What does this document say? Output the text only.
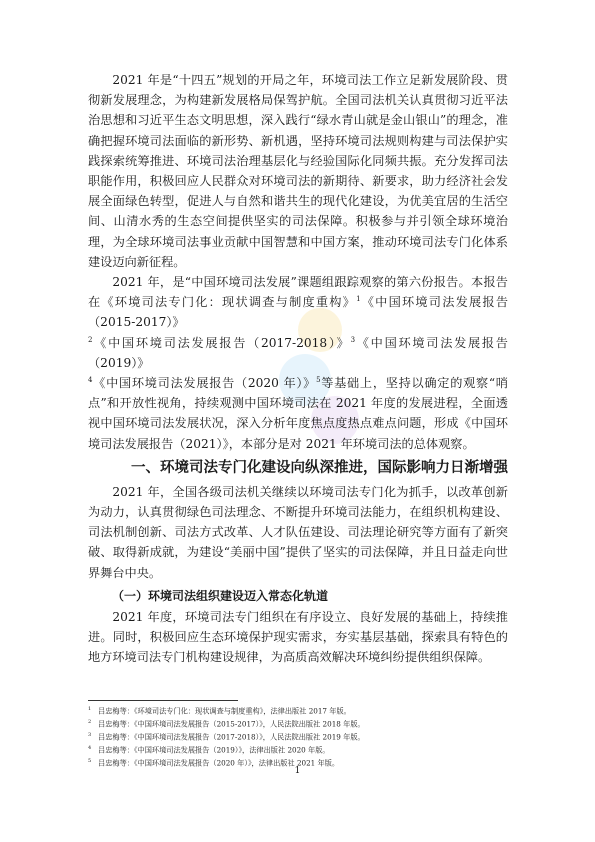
2021 年是“十四五”规划的开局之年，环境司法工作立足新发展阶段、贯彻新发展理念，为构建新发展格局保驾护航。全国司法机关认真贯彻习近平法治思想和习近平生态文明思想，深入践行“绿水青山就是金山银山”的理念，准确把握环境司法面临的新形势、新机遇，坚持环境司法规则构建与司法保护实践探索统筹推进、环境司法治理基层化与经验国际化同频共振。充分发挥司法职能作用，积极回应人民群众对环境司法的新期待、新要求，助力经济社会发展全面绿色转型，促进人与自然和谐共生的现代化建设，为优美宜居的生活空间、山清水秀的生态空间提供坚实的司法保障。积极参与并引领全球环境治理，为全球环境司法事业贡献中国智慧和中国方案，推动环境司法专门化体系建设迈向新征程。

2021 年，是“中国环境司法发展”课题组跟踪观察的第六份报告。本报告在《环境司法专门化：现状调查与制度重构》$^1$《中国环境司法发展报告（2015-2017）》
$^2$《中国环境司法发展报告（2017-2018）》$^3$《中国环境司法发展报告（2019）》
$^4$《中国环境司法发展报告（2020 年）》$^5$等基础上，坚持以确定的观察“哨点”和开放性视角，持续观测中国环境司法在 2021 年度的发展进程，全面透视中国环境司法发展状况，深入分析年度焦点度热点难点问题，形成《中国环境司法发展报告（2021）》，本部分是对 2021 年环境司法的总体观察。

一、环境司法专门化建设向纵深推进，国际影响力日渐增强

2021 年，全国各级司法机关继续以环境司法专门化为抓手，以改革创新为动力，认真贯彻绿色司法理念、不断提升环境司法能力，在组织机构建设、司法机制创新、司法方式改革、人才队伍建设、司法理论研究等方面有了新突破、取得新成就，为建设“美丽中国”提供了坚实的司法保障，并且日益走向世界舞台中央。

（一）环境司法组织建设迈入常态化轨道

2021 年度，环境司法专门组织在有序设立、良好发展的基础上，持续推进。同时，积极回应生态环境保护现实需求，夯实基层基础，探索具有特色的地方环境司法专门机构建设规律，为高质高效解决环境纠纷提供组织保障。

1 吕忠梅等：《环境司法专门化：现状调查与制度重构》，法律出版社 2017 年版。
2 吕忠梅等：《中国环境司法发展报告（2015-2017）》，人民法院出版社 2018 年版。
3 吕忠梅等：《中国环境司法发展报告（2017-2018）》，人民法院出版社 2019 年版。
4 吕忠梅等：《中国环境司法发展报告（2019）》，法律出版社 2020 年版。
5 吕忠梅等：《中国环境司法发展报告（2020 年）》，法律出版社 2021 年版。
1
